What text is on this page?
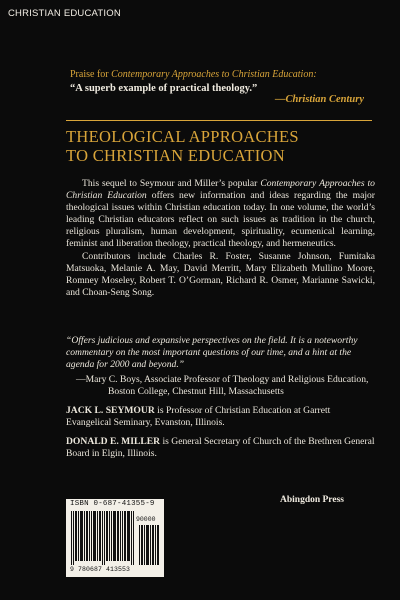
CHRISTIAN EDUCATION
Praise for Contemporary Approaches to Christian Education:
“A superb example of practical theology.”
—Christian Century
THEOLOGICAL APPROACHES
TO CHRISTIAN EDUCATION

This sequel to Seymour and Miller’s popular Contemporary Approaches to Christian Education offers new information and ideas regarding the major theological issues within Christian education today. In one volume, the world’s leading Christian educators reflect on such issues as tradition in the church, religious pluralism, human development, spirituality, ecumenical learning, feminist and liberation theology, practical theology, and hermeneutics.

Contributors include Charles R. Foster, Susanne Johnson, Fumitaka Matsuoka, Melanie A. May, David Merritt, Mary Elizabeth Mullino Moore, Romney Moseley, Robert T. O’Gorman, Richard R. Osmer, Marianne Sawicki, and Choan-Seng Song.

“Offers judicious and expansive perspectives on the field. It is a noteworthy commentary on the most important questions of our time, and a hint at the agenda for 2000 and beyond.”

—Mary C. Boys, Associate Professor of Theology and Religious Education, Boston College, Chestnut Hill, Massachusetts

JACK L. SEYMOUR is Professor of Christian Education at Garrett Evangelical Seminary, Evanston, Illinois.
DONALD E. MILLER is General Secretary of Church of the Brethren General Board in Elgin, Illinois.
ISBN 0-687-41355-9
90000
9 780687 413553
Abingdon Press
